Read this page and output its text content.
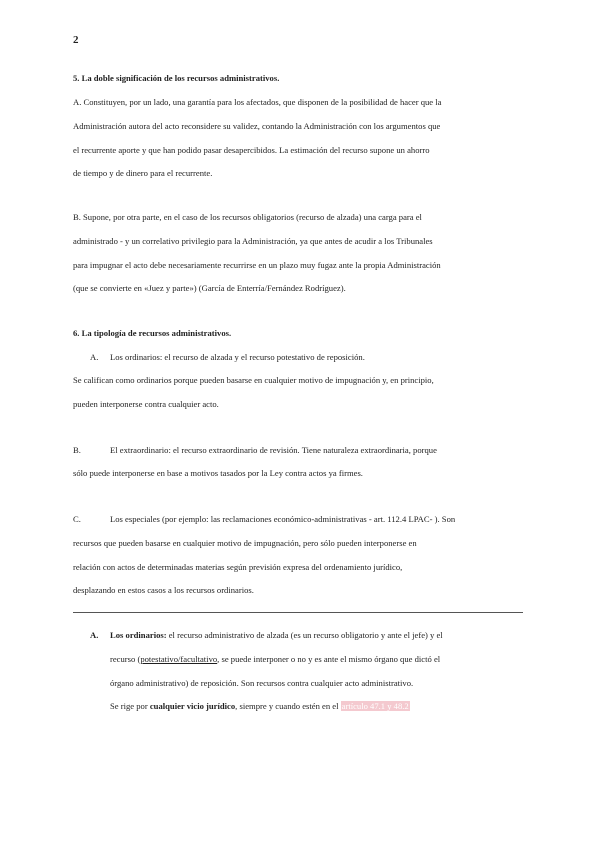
2
5. La doble significación de los recursos administrativos.
A. Constituyen, por un lado, una garantía para los afectados, que disponen de la posibilidad de hacer que la
Administración autora del acto reconsidere su validez, contando la Administración con los argumentos que
el recurrente aporte y que han podido pasar desapercibidos. La estimación del recurso supone un ahorro
de tiempo y de dinero para el recurrente.
B. Supone, por otra parte, en el caso de los recursos obligatorios (recurso de alzada) una carga para el
administrado - y un correlativo privilegio para la Administración, ya que antes de acudir a los Tribunales
para impugnar el acto debe necesariamente recurrirse en un plazo muy fugaz ante la propia Administración
(que se convierte en «Juez y parte») (García de Enterría/Fernández Rodríguez).
6. La tipología de recursos administrativos.
A. Los ordinarios: el recurso de alzada y el recurso potestativo de reposición.
Se califican como ordinarios porque pueden basarse en cualquier motivo de impugnación y, en principio,
pueden interponerse contra cualquier acto.
B.	El extraordinario: el recurso extraordinario de revisión. Tiene naturaleza extraordinaria, porque
sólo puede interponerse en base a motivos tasados por la Ley contra actos ya firmes.
C.	Los especiales (por ejemplo: las reclamaciones económico-administrativas - art. 112.4 LPAC- ). Son
recursos que pueden basarse en cualquier motivo de impugnación, pero sólo pueden interponerse en
relación con actos de determinadas materias según previsión expresa del ordenamiento jurídico,
desplazando en estos casos a los recursos ordinarios.
A. Los ordinarios: el recurso administrativo de alzada (es un recurso obligatorio y ante el jefe) y el
recurso (potestativo/facultativo, se puede interponer o no y es ante el mismo órgano que dictó el
órgano administrativo) de reposición. Son recursos contra cualquier acto administrativo.
Se rige por cualquier vicio jurídico, siempre y cuando estén en el artículo 47.1 y 48.2
